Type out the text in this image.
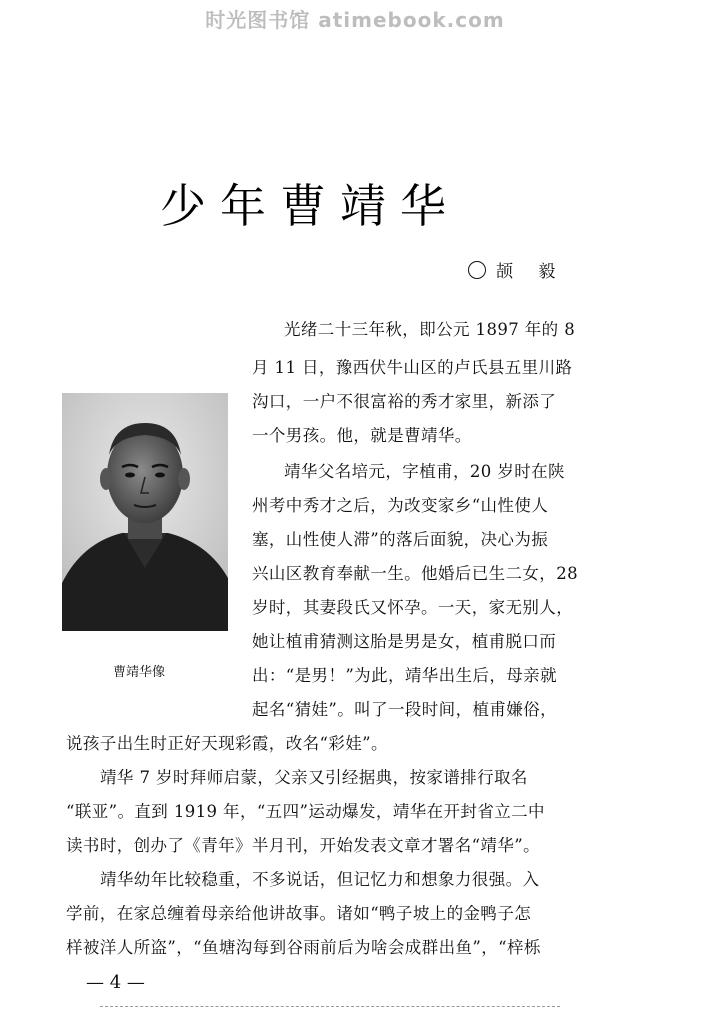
时光图书馆 atimebook.com
少年曹靖华
颉 毅
曹靖华像
光绪二十三年秋，即公元 1897 年的 8
月 11 日，豫西伏牛山区的卢氏县五里川路
沟口，一户不很富裕的秀才家里，新添了
一个男孩。他，就是曹靖华。
靖华父名培元，字植甫，20 岁时在陕
州考中秀才之后，为改变家乡“山性使人
塞，山性使人滞”的落后面貌，决心为振
兴山区教育奉献一生。他婚后已生二女，28
岁时，其妻段氏又怀孕。一天，家无别人，
她让植甫猜测这胎是男是女，植甫脱口而
出：“是男！”为此，靖华出生后，母亲就
起名“猜娃”。叫了一段时间，植甫嫌俗，
说孩子出生时正好天现彩霞，改名“彩娃”。
靖华 7 岁时拜师启蒙，父亲又引经据典，按家谱排行取名
“联亚”。直到 1919 年，“五四”运动爆发，靖华在开封省立二中
读书时，创办了《青年》半月刊，开始发表文章才署名“靖华”。
靖华幼年比较稳重，不多说话，但记忆力和想象力很强。入
学前，在家总缠着母亲给他讲故事。诸如“鸭子坡上的金鸭子怎
样被洋人所盗”，“鱼塘沟每到谷雨前后为啥会成群出鱼”，“梓栎
— 4 —
